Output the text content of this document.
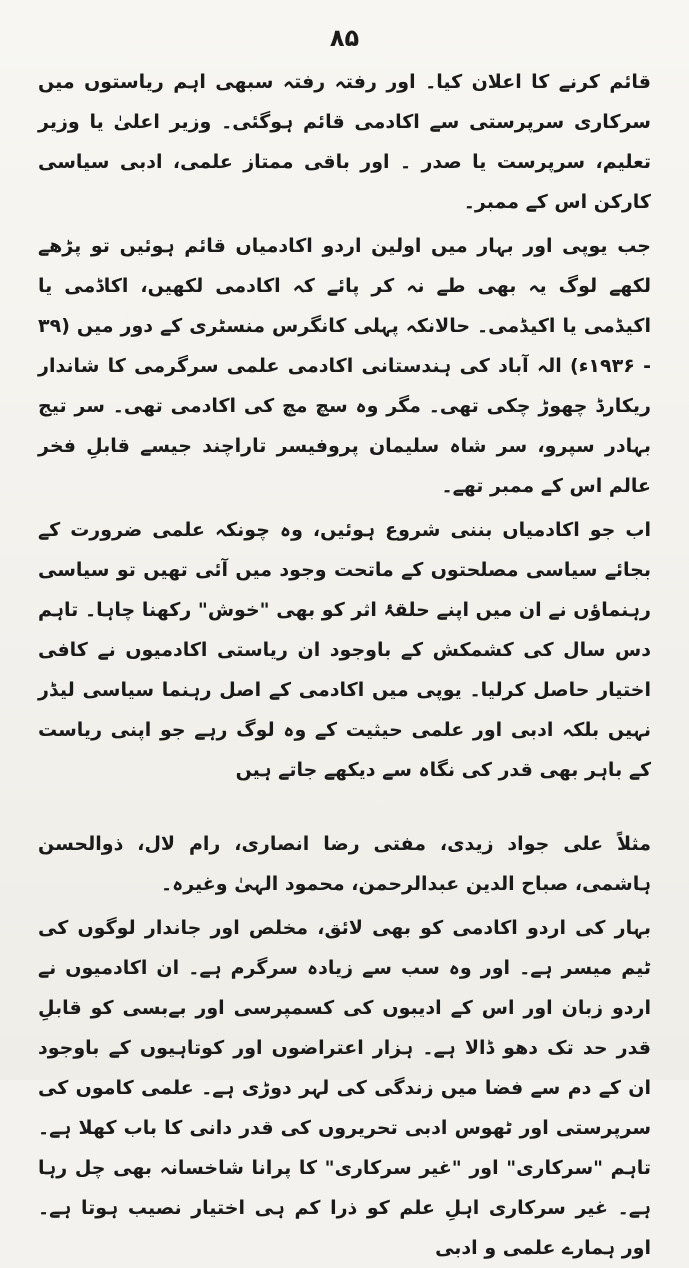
۸۵

قائم کرنے کا اعلان کیا۔ اور رفتہ رفتہ سبھی اہم ریاستوں میں سرکاری سرپرستی سے اکادمی قائم ہوگئی۔ وزیر اعلیٰ یا وزیر تعلیم، سرپرست یا صدر ۔ اور باقی ممتاز علمی، ادبی سیاسی کارکن اس کے ممبر۔

جب یوپی اور بہار میں اولین اردو اکادمیاں قائم ہوئیں تو پڑھے لکھے لوگ یہ بھی طے نہ کر پائے کہ اکادمی لکھیں، اکاڈمی یا اکیڈمی یا اکیڈمی۔ حالانکہ پہلی کانگرس منسٹری کے دور میں (۳۹ - ۱۹۳۶ء) الہ آباد کی ہندستانی اکادمی علمی سرگرمی کا شاندار ریکارڈ چھوڑ چکی تھی۔ مگر وہ سچ مچ کی اکادمی تھی۔ سر تیج بہادر سپرو، سر شاہ سلیمان پروفیسر تاراچند جیسے قابلِ فخر عالم اس کے ممبر تھے۔

اب جو اکادمیاں بننی شروع ہوئیں، وہ چونکہ علمی ضرورت کے بجائے سیاسی مصلحتوں کے ماتحت وجود میں آئی تھیں تو سیاسی رہنماؤں نے ان میں اپنے حلقۂ اثر کو بھی "خوش" رکھنا چاہا۔ تاہم دس سال کی کشمکش کے باوجود ان ریاستی اکادمیوں نے کافی اختیار حاصل کرلیا۔ یوپی میں اکادمی کے اصل رہنما سیاسی لیڈر نہیں بلکہ ادبی اور علمی حیثیت کے وہ لوگ رہے جو اپنی ریاست کے باہر بھی قدر کی نگاہ سے دیکھے جاتے ہیں

مثلاً علی جواد زیدی، مفتی رضا انصاری، رام لال، ذوالحسن ہاشمی، صباح الدین عبدالرحمن، محمود الہیٰ وغیرہ۔

بہار کی اردو اکادمی کو بھی لائق، مخلص اور جاندار لوگوں کی ٹیم میسر ہے۔ اور وہ سب سے زیادہ سرگرم ہے۔ ان اکادمیوں نے اردو زبان اور اس کے ادیبوں کی کسمپرسی اور بےبسی کو قابلِ قدر حد تک دھو ڈالا ہے۔ ہزار اعتراضوں اور کوتاہیوں کے باوجود ان کے دم سے فضا میں زندگی کی لہر دوڑی ہے۔ علمی کاموں کی سرپرستی اور ٹھوس ادبی تحریروں کی قدر دانی کا باب کھلا ہے۔ تاہم "سرکاری" اور "غیر سرکاری" کا پرانا شاخسانہ بھی چل رہا ہے۔ غیر سرکاری اہلِ علم کو ذرا کم ہی اختیار نصیب ہوتا ہے۔ اور ہمارے علمی و ادبی
